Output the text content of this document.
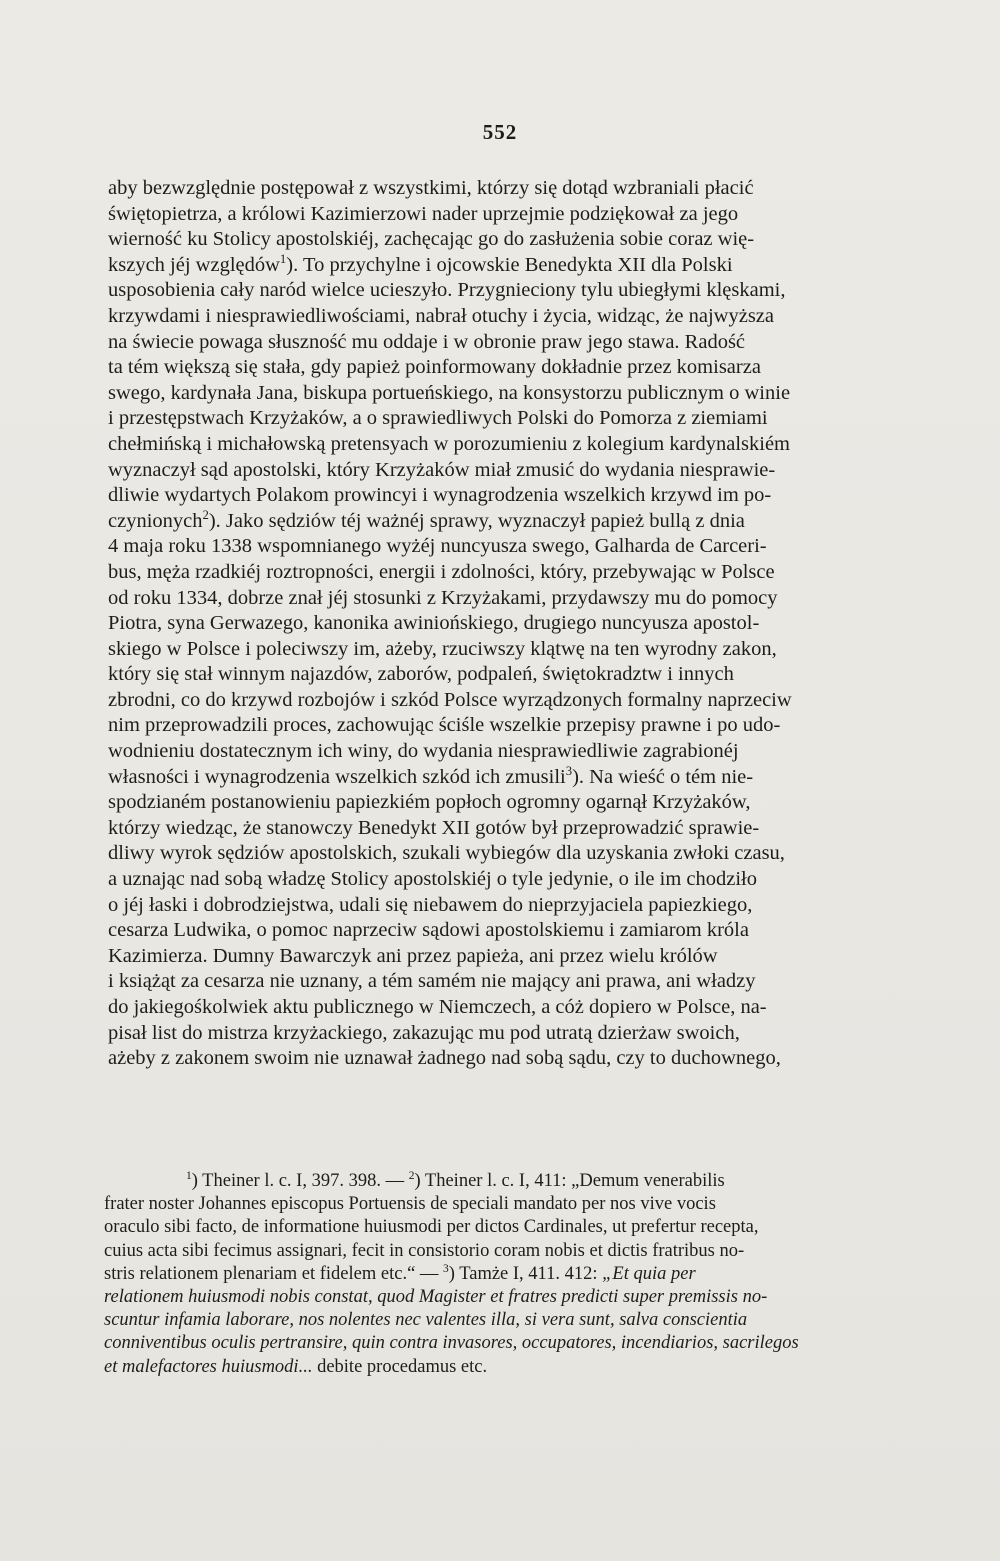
552
aby bezwzględnie postępował z wszystkimi, którzy się dotąd wzbraniali płacić
świętopietrza, a królowi Kazimierzowi nader uprzejmie podziękował za jego
wierność ku Stolicy apostolskiéj, zachęcając go do zasłużenia sobie coraz wię-
kszych jéj względów$^1$). To przychylne i ojcowskie Benedykta XII dla Polski
usposobienia cały naród wielce ucieszyło. Przygnieciony tylu ubiegłymi klęskami,
krzywdami i niesprawiedliwościami, nabrał otuchy i życia, widząc, że najwyższa
na świecie powaga słuszność mu oddaje i w obronie praw jego stawa. Radość
ta tém większą się stała, gdy papież poinformowany dokładnie przez komisarza
swego, kardynała Jana, biskupa portueńskiego, na konsystorzu publicznym o winie
i przestępstwach Krzyżaków, a o sprawiedliwych Polski do Pomorza z ziemiami
chełmińską i michałowską pretensyach w porozumieniu z kolegium kardynalskiém
wyznaczył sąd apostolski, który Krzyżaków miał zmusić do wydania niesprawie-
dliwie wydartych Polakom prowincyi i wynagrodzenia wszelkich krzywd im po-
czynionych$^2$). Jako sędziów téj ważnéj sprawy, wyznaczył papież bullą z dnia
4 maja roku 1338 wspomnianego wyżéj nuncyusza swego, Galharda de Carceri-
bus, męża rzadkiéj roztropności, energii i zdolności, który, przebywając w Polsce
od roku 1334, dobrze znał jéj stosunki z Krzyżakami, przydawszy mu do pomocy
Piotra, syna Gerwazego, kanonika awiniońskiego, drugiego nuncyusza apostol-
skiego w Polsce i poleciwszy im, ażeby, rzuciwszy klątwę na ten wyrodny zakon,
który się stał winnym najazdów, zaborów, podpaleń, świętokradztw i innych
zbrodni, co do krzywd rozbojów i szkód Polsce wyrządzonych formalny naprzeciw
nim przeprowadzili proces, zachowując ściśle wszelkie przepisy prawne i po udo-
wodnieniu dostatecznym ich winy, do wydania niesprawiedliwie zagrabionéj
własności i wynagrodzenia wszelkich szkód ich zmusili$^3$). Na wieść o tém nie-
spodzianém postanowieniu papiezkiém popłoch ogromny ogarnął Krzyżaków,
którzy wiedząc, że stanowczy Benedykt XII gotów był przeprowadzić sprawie-
dliwy wyrok sędziów apostolskich, szukali wybiegów dla uzyskania zwłoki czasu,
a uznając nad sobą władzę Stolicy apostolskiéj o tyle jedynie, o ile im chodziło
o jéj łaski i dobrodziejstwa, udali się niebawem do nieprzyjaciela papiezkiego,
cesarza Ludwika, o pomoc naprzeciw sądowi apostolskiemu i zamiarom króla
Kazimierza. Dumny Bawarczyk ani przez papieża, ani przez wielu królów
i książąt za cesarza nie uznany, a tém samém nie mający ani prawa, ani władzy
do jakiegośkolwiek aktu publicznego w Niemczech, a cóż dopiero w Polsce, na-
pisał list do mistrza krzyżackiego, zakazując mu pod utratą dzierżaw swoich,
ażeby z zakonem swoim nie uznawał żadnego nad sobą sądu, czy to duchownego,
$^1$) Theiner l. c. I, 397. 398. — $^2$) Theiner l. c. I, 411: „Demum venerabilis
frater noster Johannes episcopus Portuensis de speciali mandato per nos vive vocis
oraculo sibi facto, de informatione huiusmodi per dictos Cardinales, ut prefertur recepta,
cuius acta sibi fecimus assignari, fecit in consistorio coram nobis et dictis fratribus no-
stris relationem plenariam et fidelem etc.“ — $^3$) Tamże I, 411. 412: „Et quia per
relationem huiusmodi nobis constat, quod Magister et fratres predicti super premissis no-
scuntur infamia laborare, nos nolentes nec valentes illa, si vera sunt, salva conscientia
conniventibus oculis pertransire, quin contra invasores, occupatores, incendiarios, sacrilegos
et malefactores huiusmodi... debite procedamus etc.
